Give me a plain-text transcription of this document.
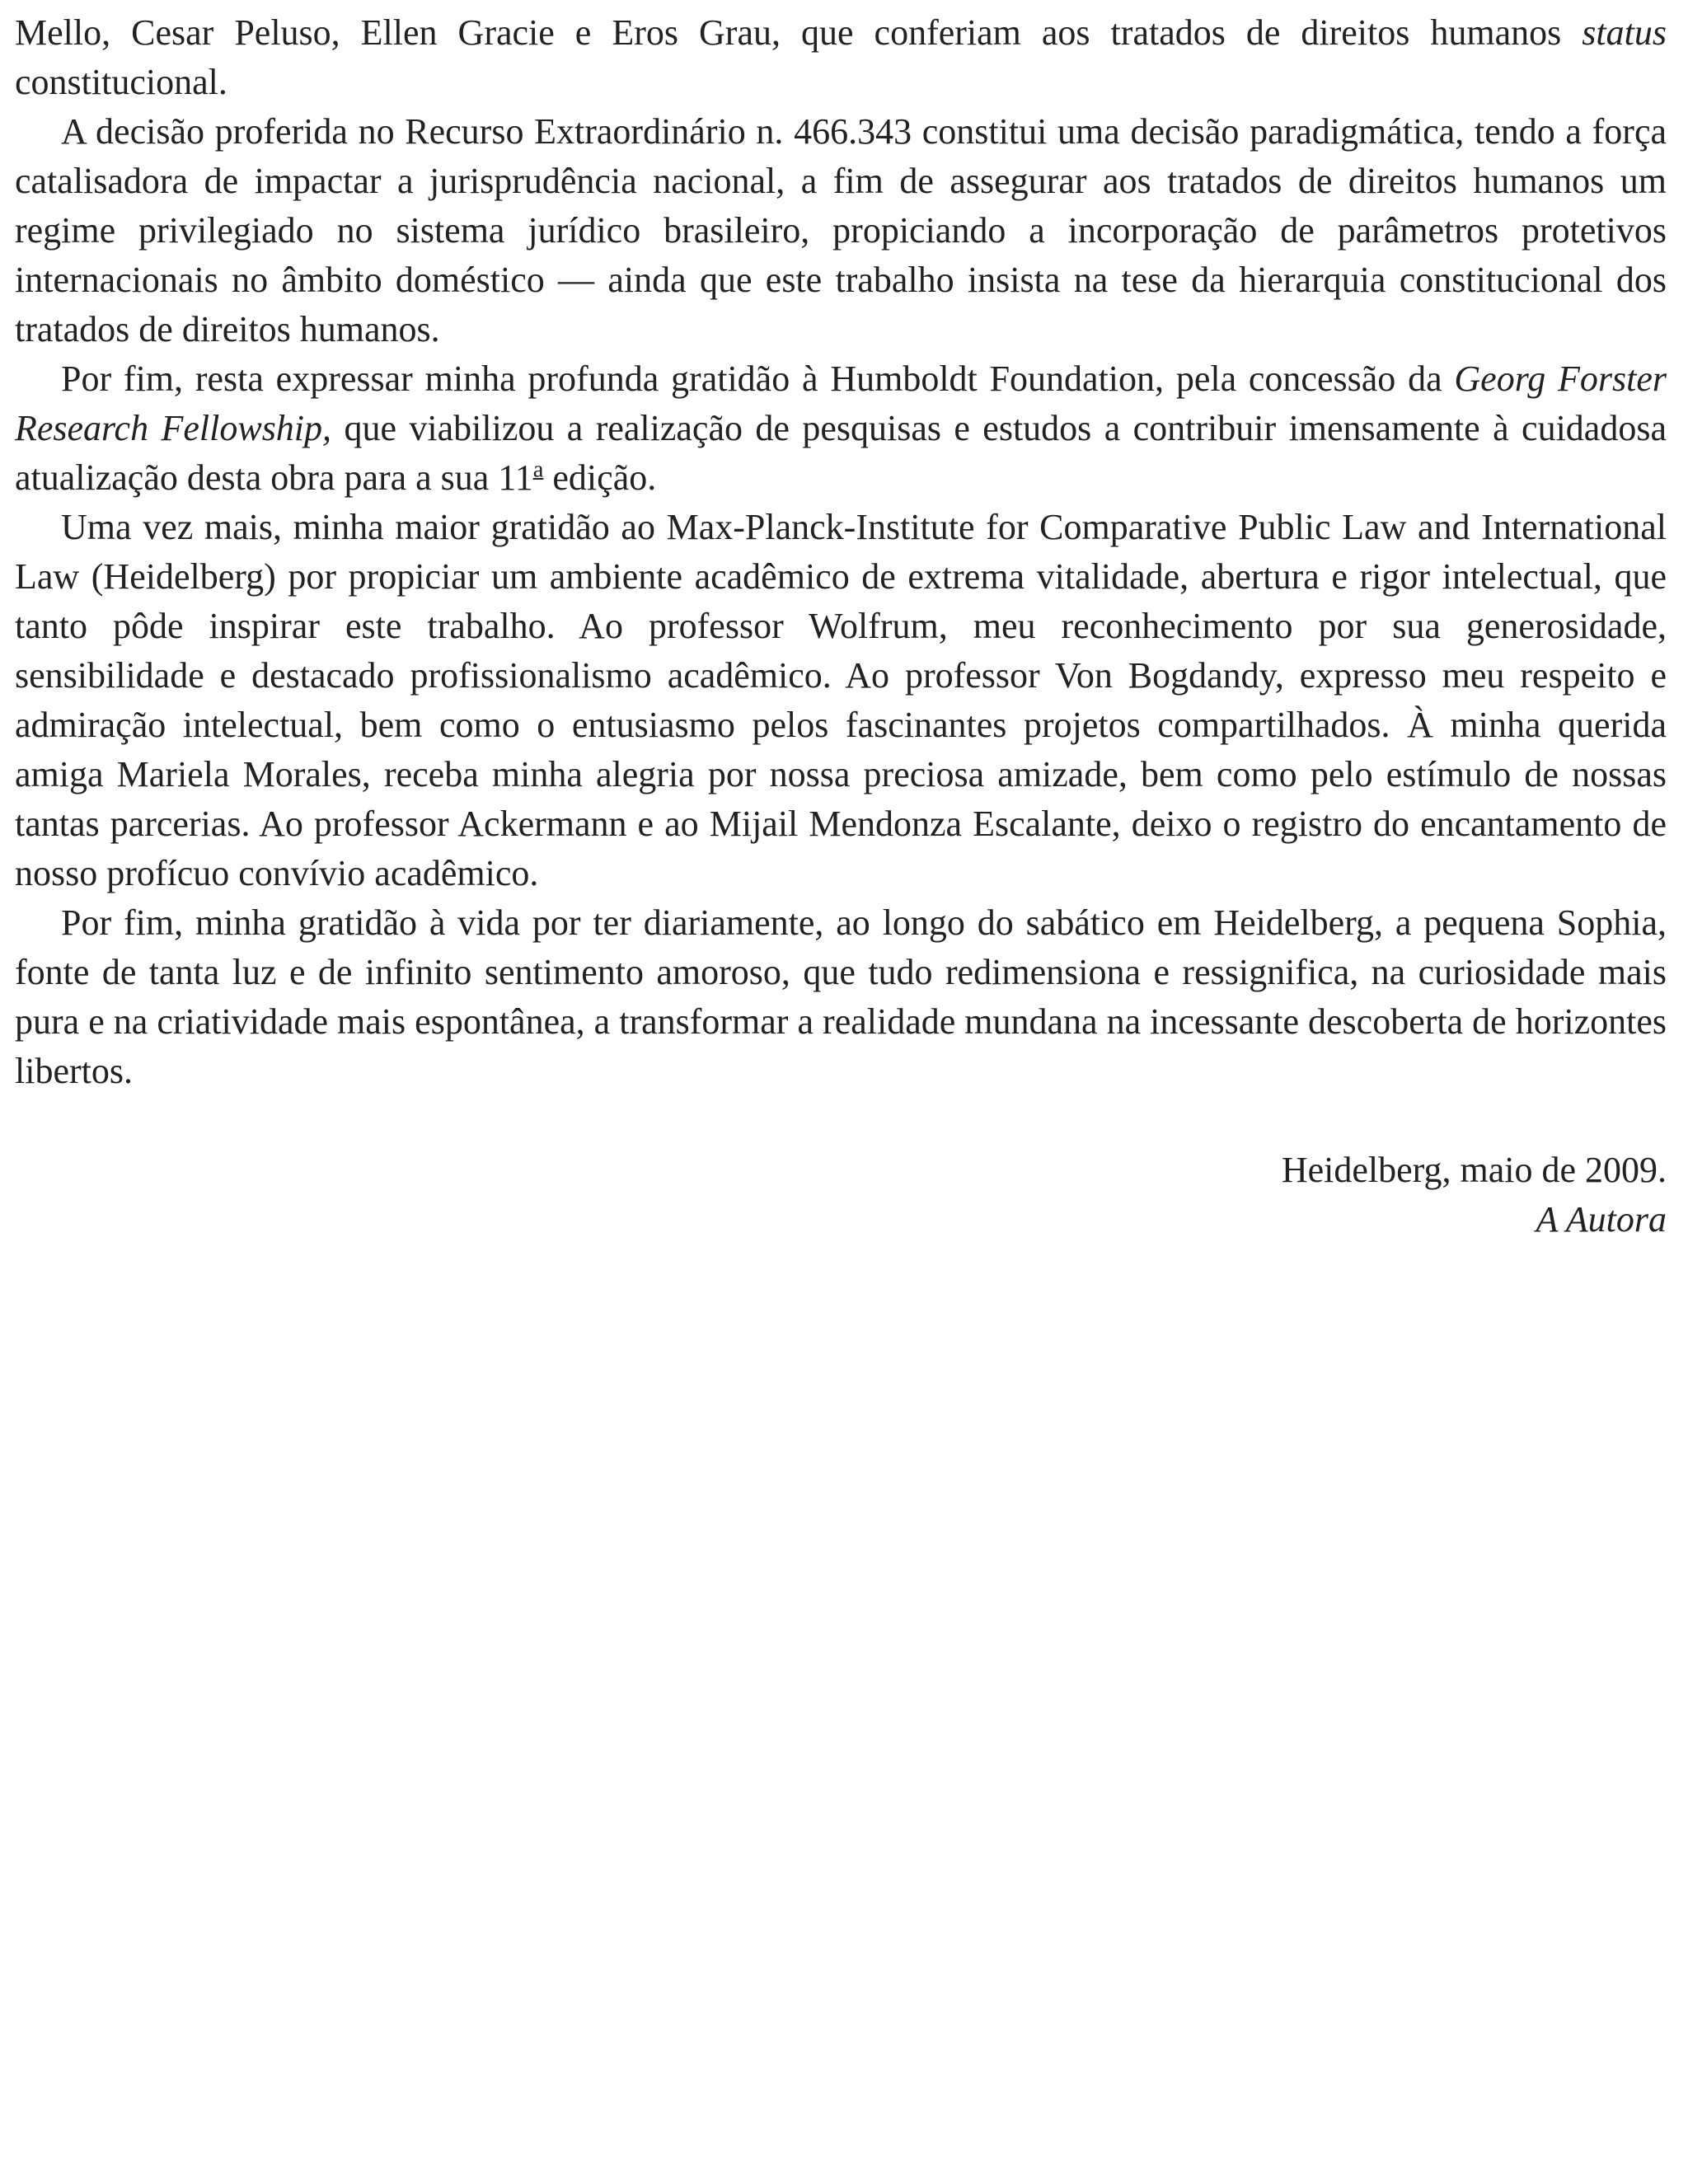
Mello, Cesar Peluso, Ellen Gracie e Eros Grau, que conferiam aos tratados de direitos humanos status constitucional.

A decisão proferida no Recurso Extraordinário n. 466.343 constitui uma decisão paradigmática, tendo a força catalisadora de impactar a jurisprudência nacional, a fim de assegurar aos tratados de direitos humanos um regime privilegiado no sistema jurídico brasileiro, propiciando a incorporação de parâmetros protetivos internacionais no âmbito doméstico — ainda que este trabalho insista na tese da hierarquia constitucional dos tratados de direitos humanos.

Por fim, resta expressar minha profunda gratidão à Humboldt Foundation, pela concessão da Georg Forster Research Fellowship, que viabilizou a realização de pesquisas e estudos a contribuir imensamente à cuidadosa atualização desta obra para a sua 11$^a$ edição.

Uma vez mais, minha maior gratidão ao Max-Planck-Institute for Comparative Public Law and International Law (Heidelberg) por propiciar um ambiente acadêmico de extrema vitalidade, abertura e rigor intelectual, que tanto pôde inspirar este trabalho. Ao professor Wolfrum, meu reconhecimento por sua generosidade, sensibilidade e destacado profissionalismo acadêmico. Ao professor Von Bogdandy, expresso meu respeito e admiração intelectual, bem como o entusiasmo pelos fascinantes projetos compartilhados. À minha querida amiga Mariela Morales, receba minha alegria por nossa preciosa amizade, bem como pelo estímulo de nossas tantas parcerias. Ao professor Ackermann e ao Mijail Mendonza Escalante, deixo o registro do encantamento de nosso profícuo convívio acadêmico.

Por fim, minha gratidão à vida por ter diariamente, ao longo do sabático em Heidelberg, a pequena Sophia, fonte de tanta luz e de infinito sentimento amoroso, que tudo redimensiona e ressignifica, na curiosidade mais pura e na criatividade mais espontânea, a transformar a realidade mundana na incessante descoberta de horizontes libertos.

Heidelberg, maio de 2009.
A Autora
